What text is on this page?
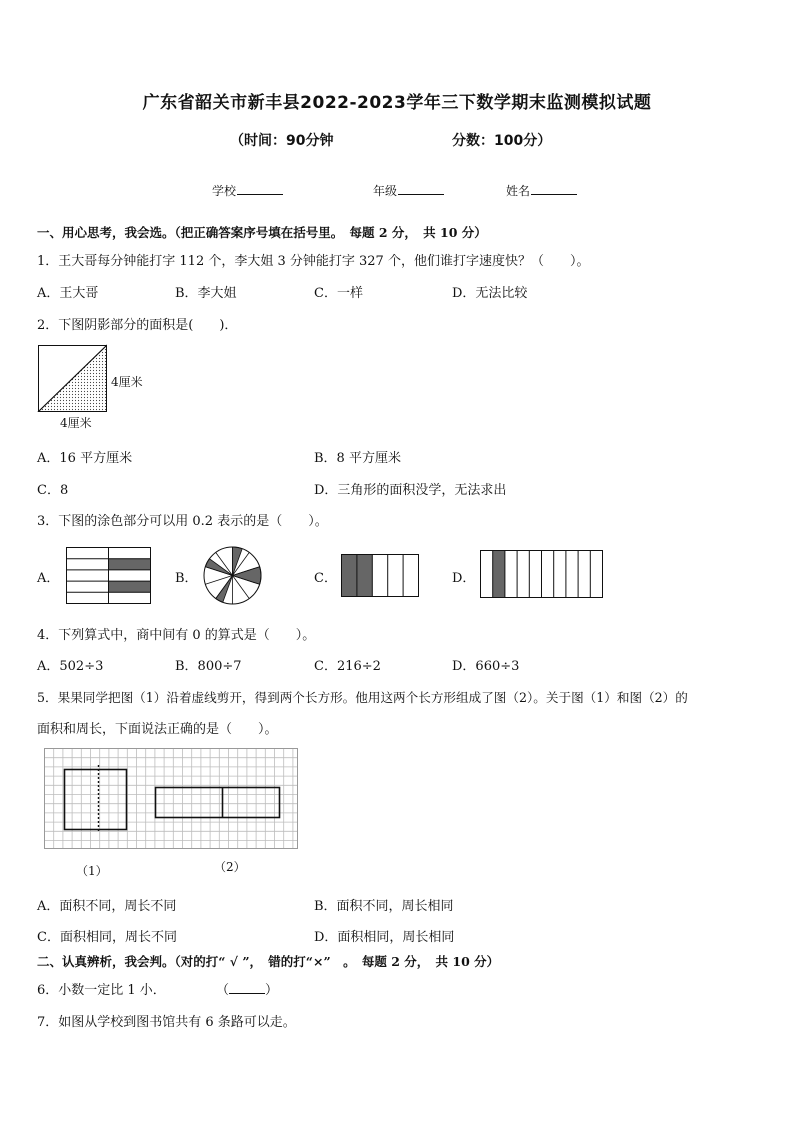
广东省韶关市新丰县2022-2023学年三下数学期末监测模拟试题
（时间：90分钟	分数：100分）
学校	年级	姓名
一、用心思考，我会选。（把正确答案序号填在括号里。　每题 2 分，　共 10 分）
1．王大哥每分钟能打字 112 个，李大姐 3 分钟能打字 327 个，他们谁打字速度快？（　　）。
A．王大哥	B．李大姐	C．一样	D．无法比较
2．下图阴影部分的面积是(　　)．
4厘米
4厘米
A．16 平方厘米	B．8 平方厘米
C．8	D．三角形的面积没学，无法求出
3．下图的涂色部分可以用 0.2 表示的是（　　）。
A．	B．	C．	D．
4．下列算式中，商中间有 0 的算式是（　　）。
A．502÷3	B．800÷7	C．216÷2	D．660÷3
5．果果同学把图（1）沿着虚线剪开，得到两个长方形。他用这两个长方形组成了图（2）。关于图（1）和图（2）的
面积和周长，下面说法正确的是（　　）。
（1）	（2）
A．面积不同，周长不同	B．面积不同，周长相同
C．面积相同，周长不同	D．面积相同，周长相同
二、认真辨析，我会判。（对的打“ √ ”，　错的打“×”　。　每题 2 分，　共 10 分）
6．小数一定比 1 小．	（	）
7．如图从学校到图书馆共有 6 条路可以走。
